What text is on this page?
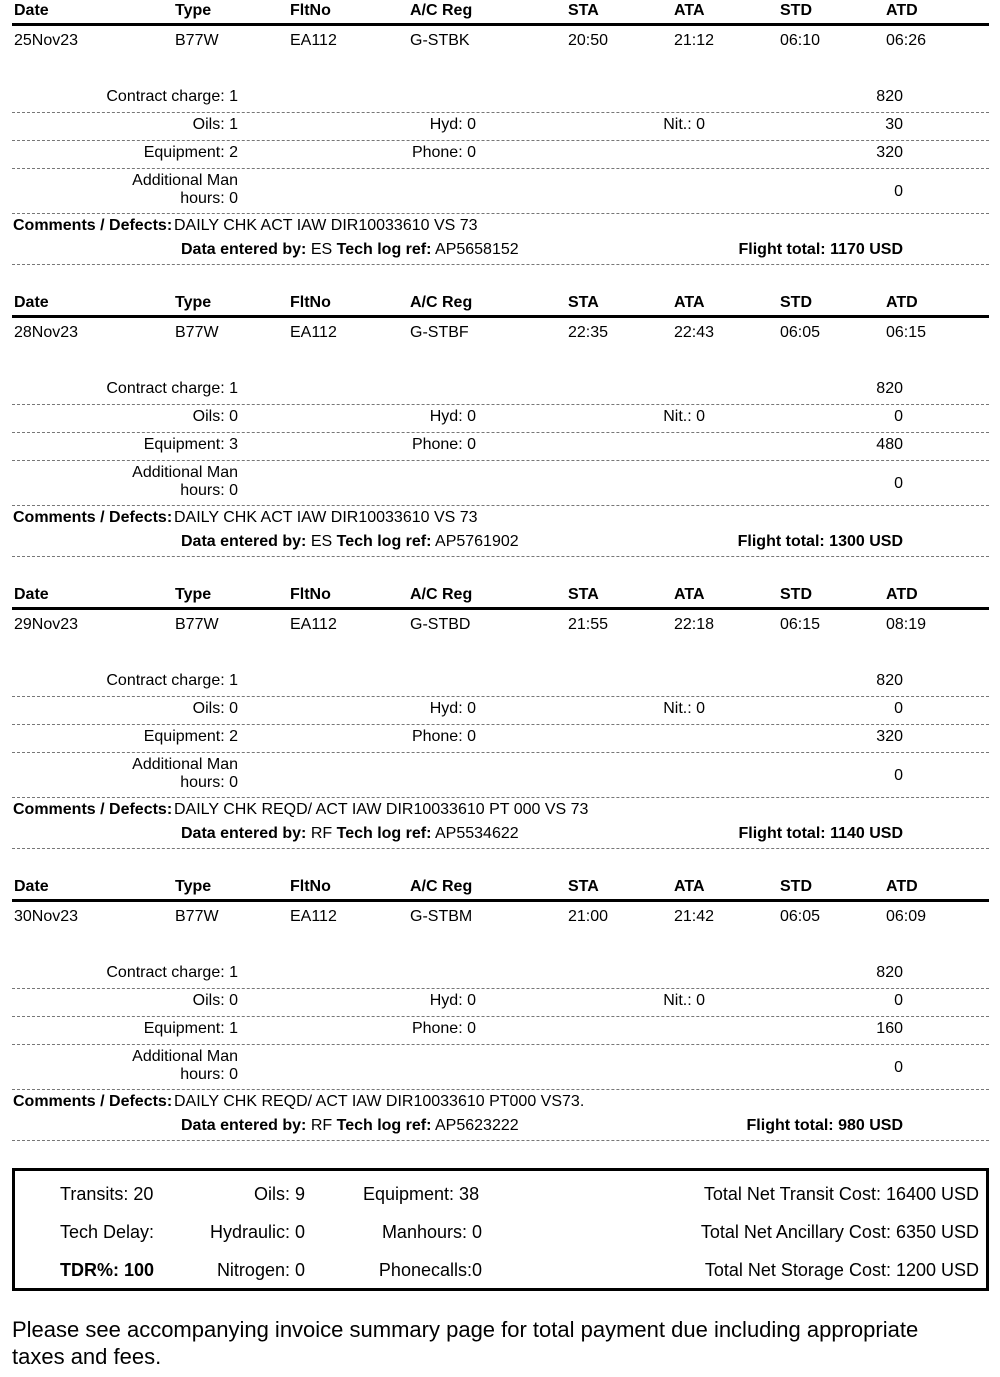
Date	Type	FltNo	A/C Reg	STA	ATA	STD	ATD
25Nov23	B77W	EA112	G-STBK	20:50	21:12	06:10	06:26
Contract charge: 1	820
Oils: 1	Hyd: 0	Nit.: 0	30
Equipment: 2	Phone: 0	320
Additional Man
hours: 0	0
Comments / Defects: DAILY CHK ACT IAW DIR10033610 VS 73
Data entered by: ES Tech log ref: AP5658152	Flight total: 1170 USD
Date	Type	FltNo	A/C Reg	STA	ATA	STD	ATD
28Nov23	B77W	EA112	G-STBF	22:35	22:43	06:05	06:15
Contract charge: 1	820
Oils: 0	Hyd: 0	Nit.: 0	0
Equipment: 3	Phone: 0	480
Additional Man
hours: 0	0
Comments / Defects: DAILY CHK ACT IAW DIR10033610 VS 73
Data entered by: ES Tech log ref: AP5761902	Flight total: 1300 USD
Date	Type	FltNo	A/C Reg	STA	ATA	STD	ATD
29Nov23	B77W	EA112	G-STBD	21:55	22:18	06:15	08:19
Contract charge: 1	820
Oils: 0	Hyd: 0	Nit.: 0	0
Equipment: 2	Phone: 0	320
Additional Man
hours: 0	0
Comments / Defects: DAILY CHK REQD/ ACT IAW DIR10033610 PT 000 VS 73
Data entered by: RF Tech log ref: AP5534622	Flight total: 1140 USD
Date	Type	FltNo	A/C Reg	STA	ATA	STD	ATD
30Nov23	B77W	EA112	G-STBM	21:00	21:42	06:05	06:09
Contract charge: 1	820
Oils: 0	Hyd: 0	Nit.: 0	0
Equipment: 1	Phone: 0	160
Additional Man
hours: 0	0
Comments / Defects: DAILY CHK REQD/ ACT IAW DIR10033610 PT000 VS73.
Data entered by: RF Tech log ref: AP5623222	Flight total: 980 USD
Transits: 20	Oils: 9	Equipment: 38	Total Net Transit Cost: 16400 USD
Tech Delay:	Hydraulic: 0	Manhours: 0	Total Net Ancillary Cost: 6350 USD
TDR%: 100	Nitrogen: 0	Phonecalls:0	Total Net Storage Cost: 1200 USD
Please see accompanying invoice summary page for total payment due including appropriate taxes and fees.
